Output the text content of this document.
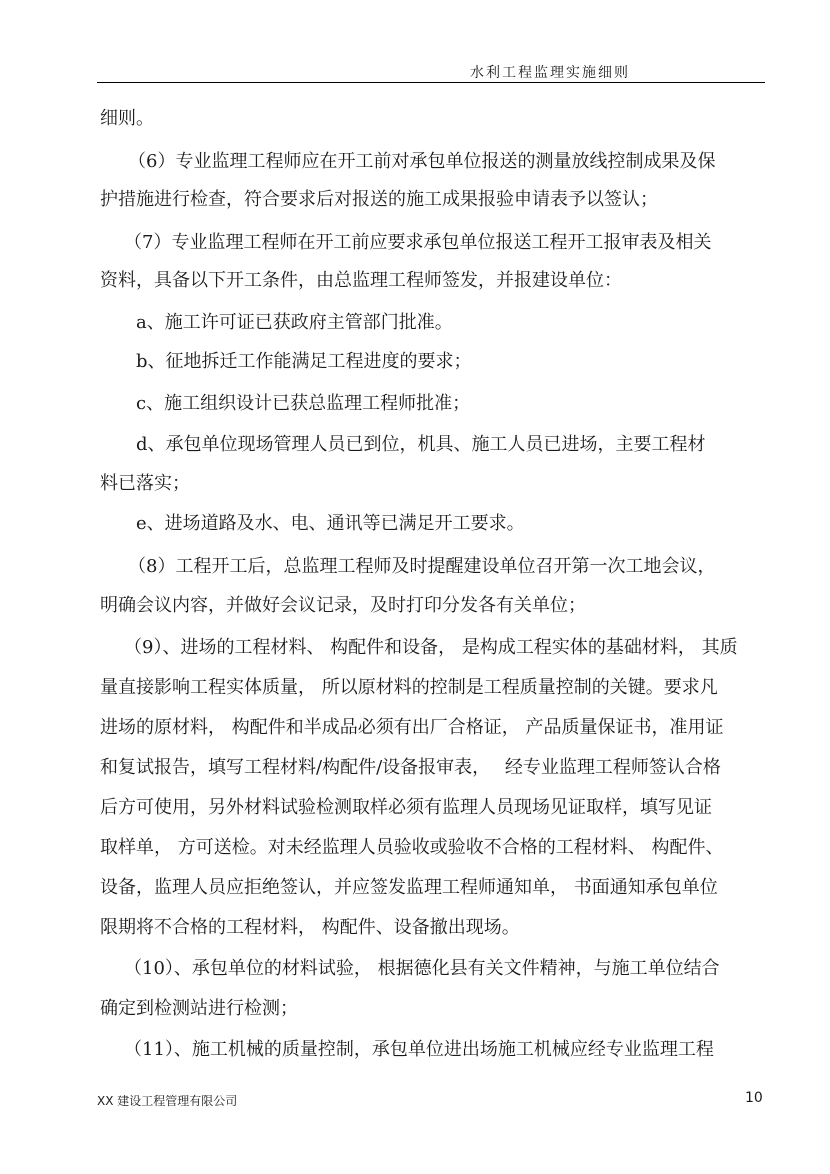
水利工程监理实施细则
细则。
（6）专业监理工程师应在开工前对承包单位报送的测量放线控制成果及保
护措施进行检查，符合要求后对报送的施工成果报验申请表予以签认；
（7）专业监理工程师在开工前应要求承包单位报送工程开工报审表及相关
资料，具备以下开工条件，由总监理工程师签发，并报建设单位：
a、施工许可证已获政府主管部门批准。
b、征地拆迁工作能满足工程进度的要求；
c、施工组织设计已获总监理工程师批准；
d、承包单位现场管理人员已到位，机具、施工人员已进场，主要工程材
料已落实；
e、进场道路及水、电、通讯等已满足开工要求。
（8）工程开工后，总监理工程师及时提醒建设单位召开第一次工地会议，
明确会议内容，并做好会议记录，及时打印分发各有关单位；
（9）、进场的工程材料、 构配件和设备， 是构成工程实体的基础材料， 其质
量直接影响工程实体质量， 所以原材料的控制是工程质量控制的关键。要求凡
进场的原材料， 构配件和半成品必须有出厂合格证， 产品质量保证书，准用证
和复试报告，填写工程材料/构配件/设备报审表，　 经专业监理工程师签认合格
后方可使用，另外材料试验检测取样必须有监理人员现场见证取样，填写见证
取样单， 方可送检。对未经监理人员验收或验收不合格的工程材料、 构配件、
设备，监理人员应拒绝签认，并应签发监理工程师通知单， 书面通知承包单位
限期将不合格的工程材料， 构配件、设备撤出现场。
（10）、承包单位的材料试验， 根据德化县有关文件精神，与施工单位结合
确定到检测站进行检测；
（11）、施工机械的质量控制，承包单位进出场施工机械应经专业监理工程
XX 建设工程管理有限公司	10
